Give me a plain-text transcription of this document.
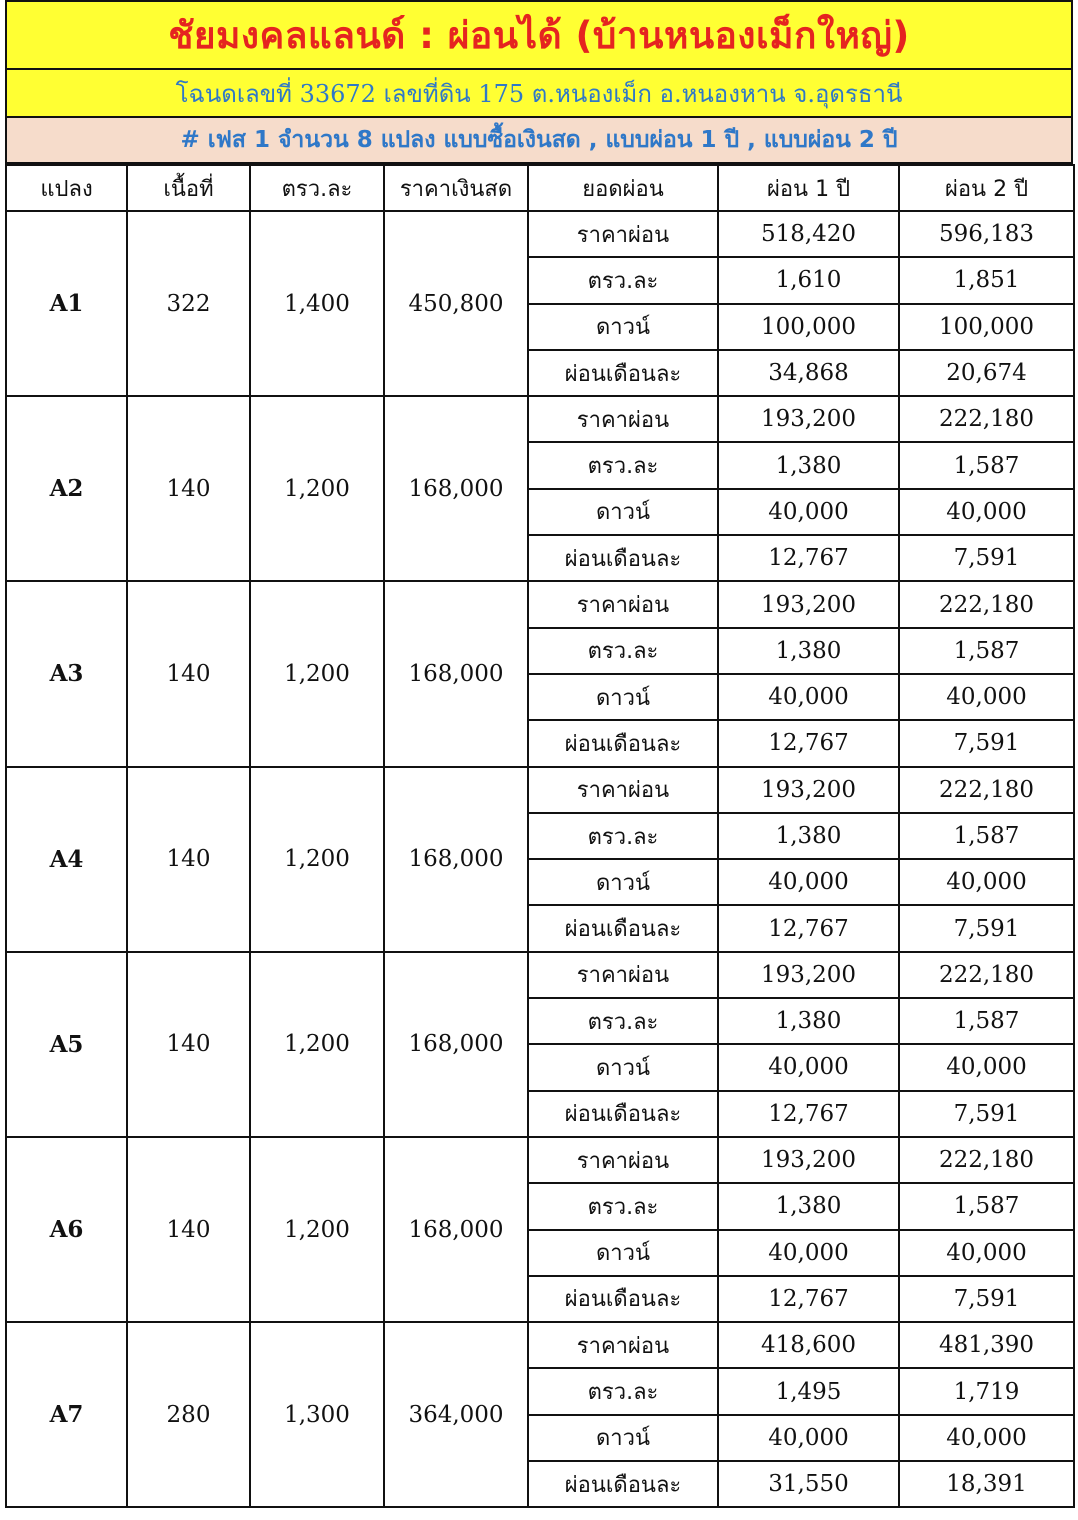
ชัยมงคลแลนด์ : ผ่อนได้ (บ้านหนองเม็กใหญ่)
โฉนดเลขที่ 33672 เลขที่ดิน 175 ต.หนองเม็ก อ.หนองหาน จ.อุดรธานี
# เฟส 1 จำนวน 8 แปลง แบบซื้อเงินสด , แบบผ่อน 1 ปี , แบบผ่อน 2 ปี
แปลง	เนื้อที่	ตรว.ละ	ราคาเงินสด	ยอดผ่อน	ผ่อน 1 ปี	ผ่อน 2 ปี
A1	322	1,400	450,800	ราคาผ่อน	518,420	596,183
				ตรว.ละ	1,610	1,851
				ดาวน์	100,000	100,000
				ผ่อนเดือนละ	34,868	20,674
A2	140	1,200	168,000	ราคาผ่อน	193,200	222,180
				ตรว.ละ	1,380	1,587
				ดาวน์	40,000	40,000
				ผ่อนเดือนละ	12,767	7,591
A3	140	1,200	168,000	ราคาผ่อน	193,200	222,180
				ตรว.ละ	1,380	1,587
				ดาวน์	40,000	40,000
				ผ่อนเดือนละ	12,767	7,591
A4	140	1,200	168,000	ราคาผ่อน	193,200	222,180
				ตรว.ละ	1,380	1,587
				ดาวน์	40,000	40,000
				ผ่อนเดือนละ	12,767	7,591
A5	140	1,200	168,000	ราคาผ่อน	193,200	222,180
				ตรว.ละ	1,380	1,587
				ดาวน์	40,000	40,000
				ผ่อนเดือนละ	12,767	7,591
A6	140	1,200	168,000	ราคาผ่อน	193,200	222,180
				ตรว.ละ	1,380	1,587
				ดาวน์	40,000	40,000
				ผ่อนเดือนละ	12,767	7,591
A7	280	1,300	364,000	ราคาผ่อน	418,600	481,390
				ตรว.ละ	1,495	1,719
				ดาวน์	40,000	40,000
				ผ่อนเดือนละ	31,550	18,391
